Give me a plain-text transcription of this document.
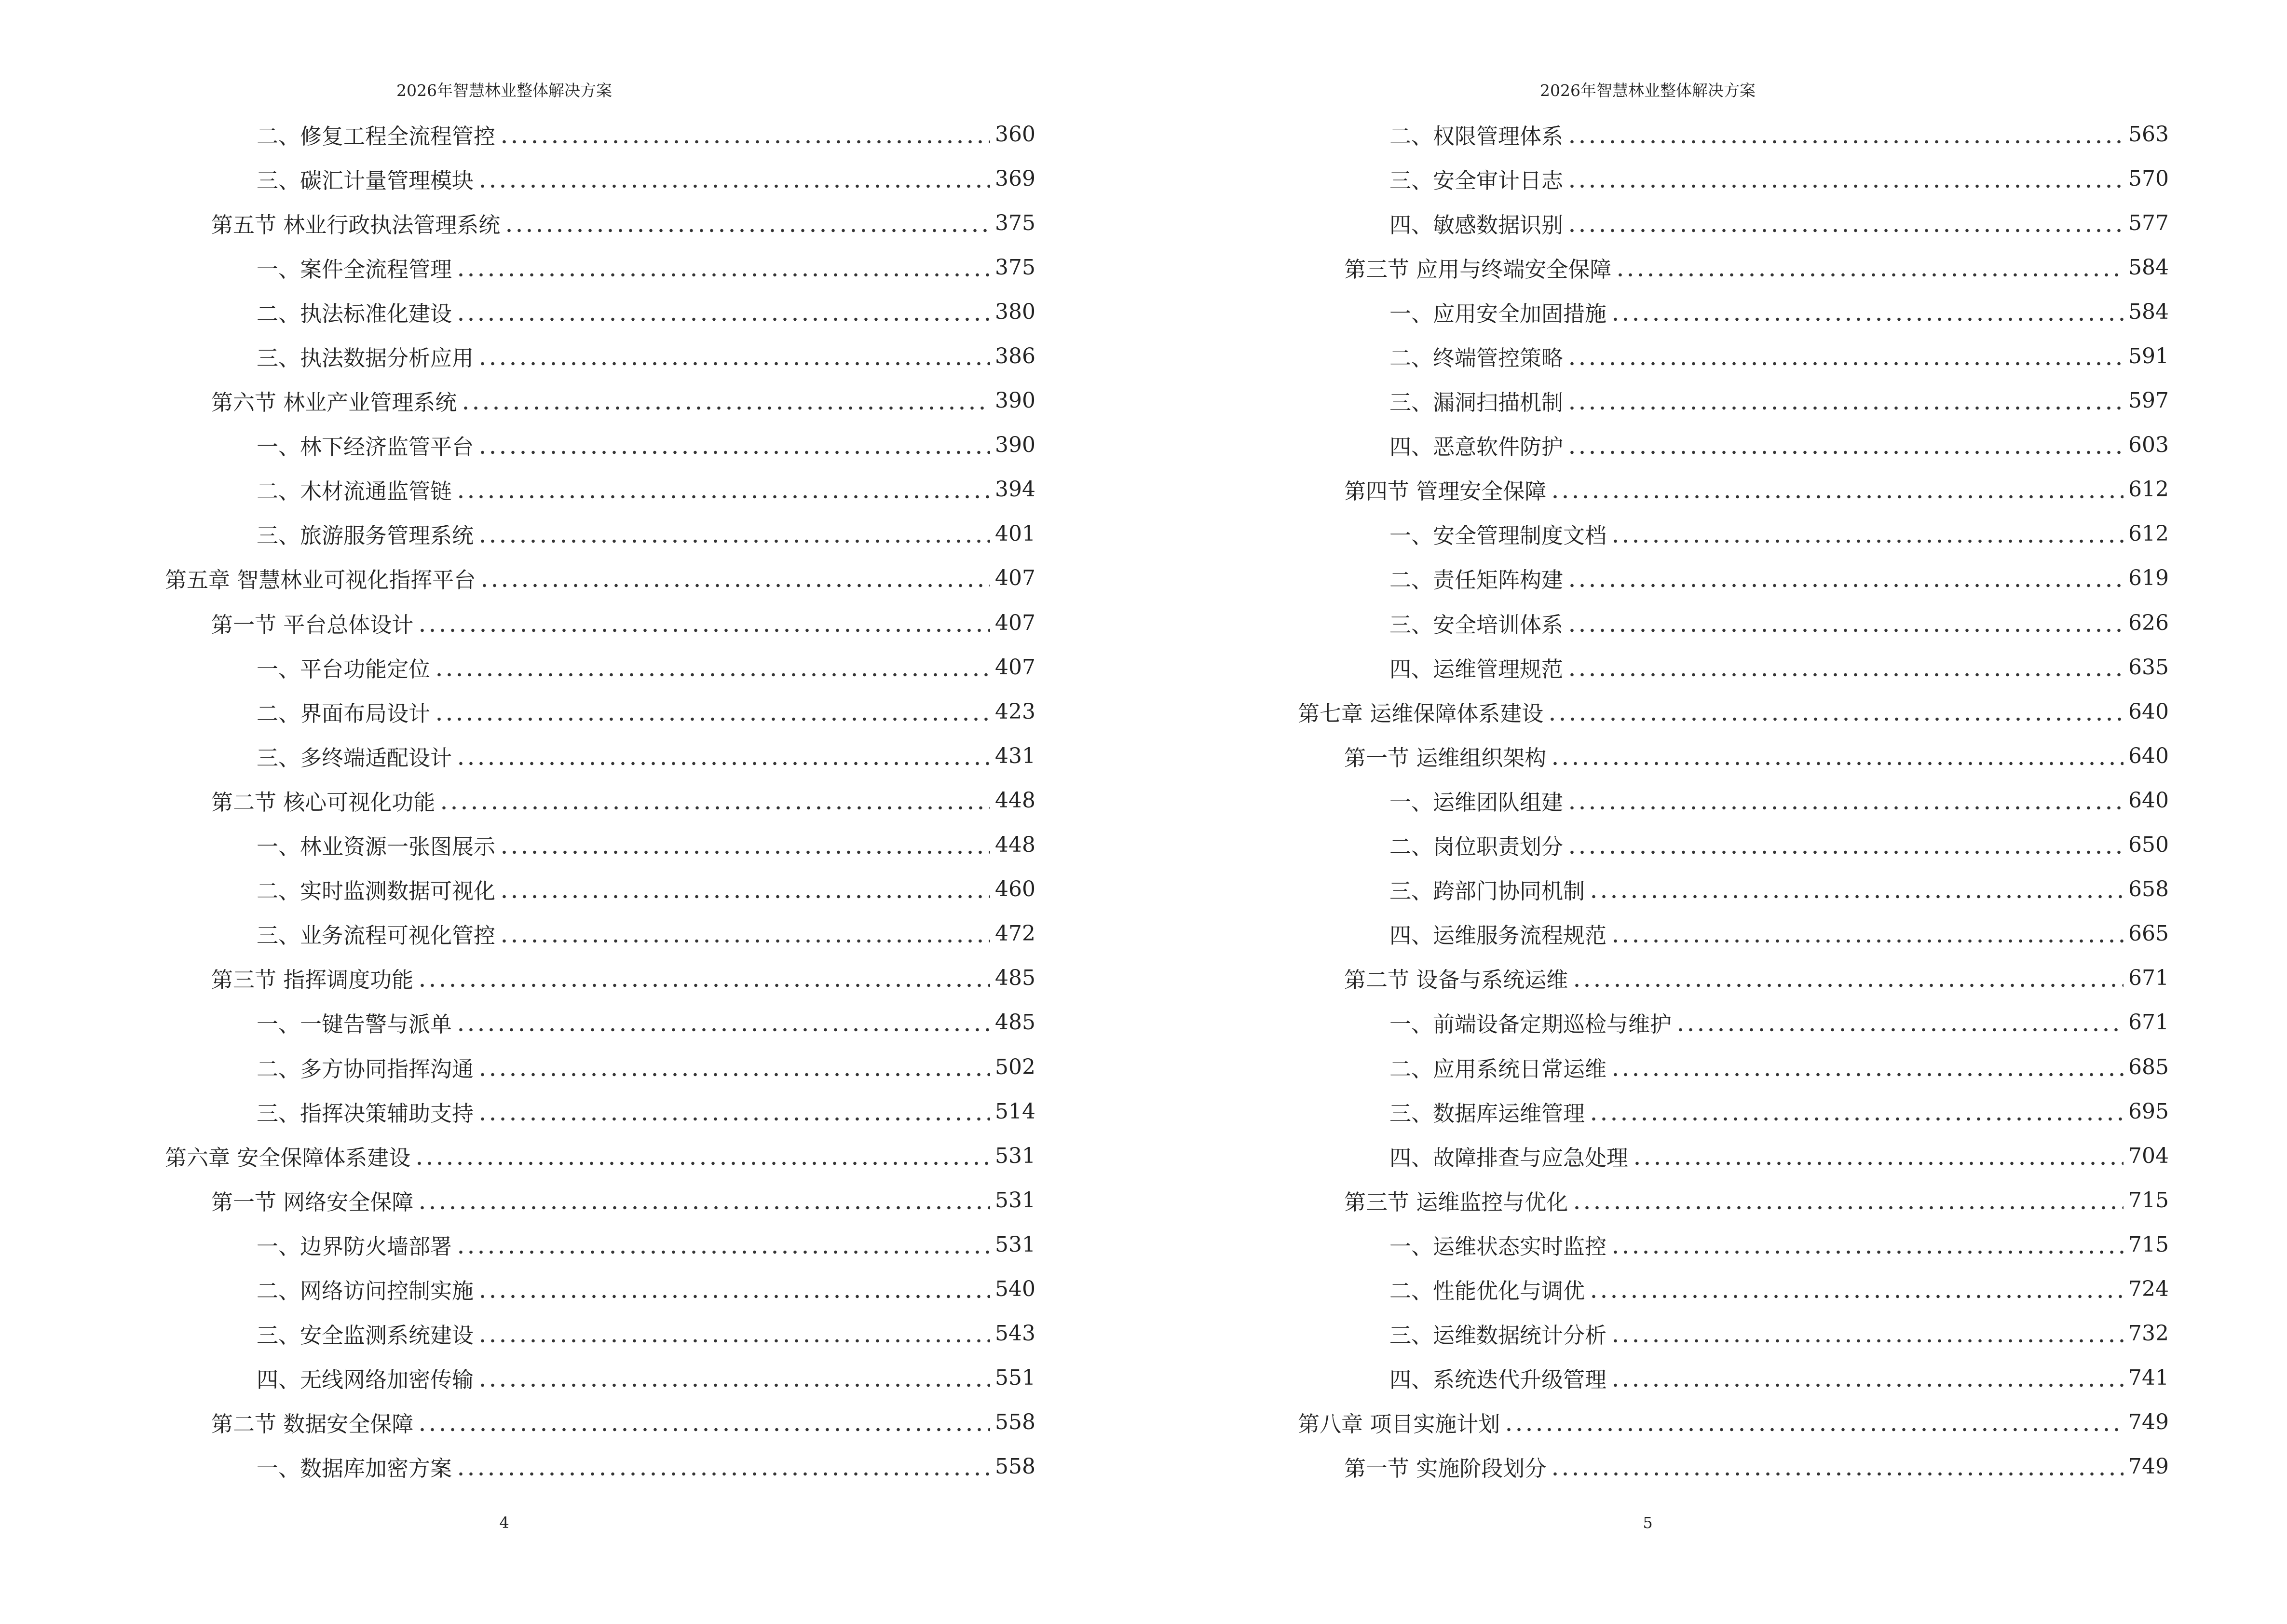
2026年智慧林业整体解决方案
二、修复工程全流程管控	360
三、碳汇计量管理模块	369
第五节 林业行政执法管理系统	375
一、案件全流程管理	375
二、执法标准化建设	380
三、执法数据分析应用	386
第六节 林业产业管理系统	390
一、林下经济监管平台	390
二、木材流通监管链	394
三、旅游服务管理系统	401
第五章 智慧林业可视化指挥平台	407
第一节 平台总体设计	407
一、平台功能定位	407
二、界面布局设计	423
三、多终端适配设计	431
第二节 核心可视化功能	448
一、林业资源一张图展示	448
二、实时监测数据可视化	460
三、业务流程可视化管控	472
第三节 指挥调度功能	485
一、一键告警与派单	485
二、多方协同指挥沟通	502
三、指挥决策辅助支持	514
第六章 安全保障体系建设	531
第一节 网络安全保障	531
一、边界防火墙部署	531
二、网络访问控制实施	540
三、安全监测系统建设	543
四、无线网络加密传输	551
第二节 数据安全保障	558
一、数据库加密方案	558
4
2026年智慧林业整体解决方案
二、权限管理体系	563
三、安全审计日志	570
四、敏感数据识别	577
第三节 应用与终端安全保障	584
一、应用安全加固措施	584
二、终端管控策略	591
三、漏洞扫描机制	597
四、恶意软件防护	603
第四节 管理安全保障	612
一、安全管理制度文档	612
二、责任矩阵构建	619
三、安全培训体系	626
四、运维管理规范	635
第七章 运维保障体系建设	640
第一节 运维组织架构	640
一、运维团队组建	640
二、岗位职责划分	650
三、跨部门协同机制	658
四、运维服务流程规范	665
第二节 设备与系统运维	671
一、前端设备定期巡检与维护	671
二、应用系统日常运维	685
三、数据库运维管理	695
四、故障排查与应急处理	704
第三节 运维监控与优化	715
一、运维状态实时监控	715
二、性能优化与调优	724
三、运维数据统计分析	732
四、系统迭代升级管理	741
第八章 项目实施计划	749
第一节 实施阶段划分	749
5
